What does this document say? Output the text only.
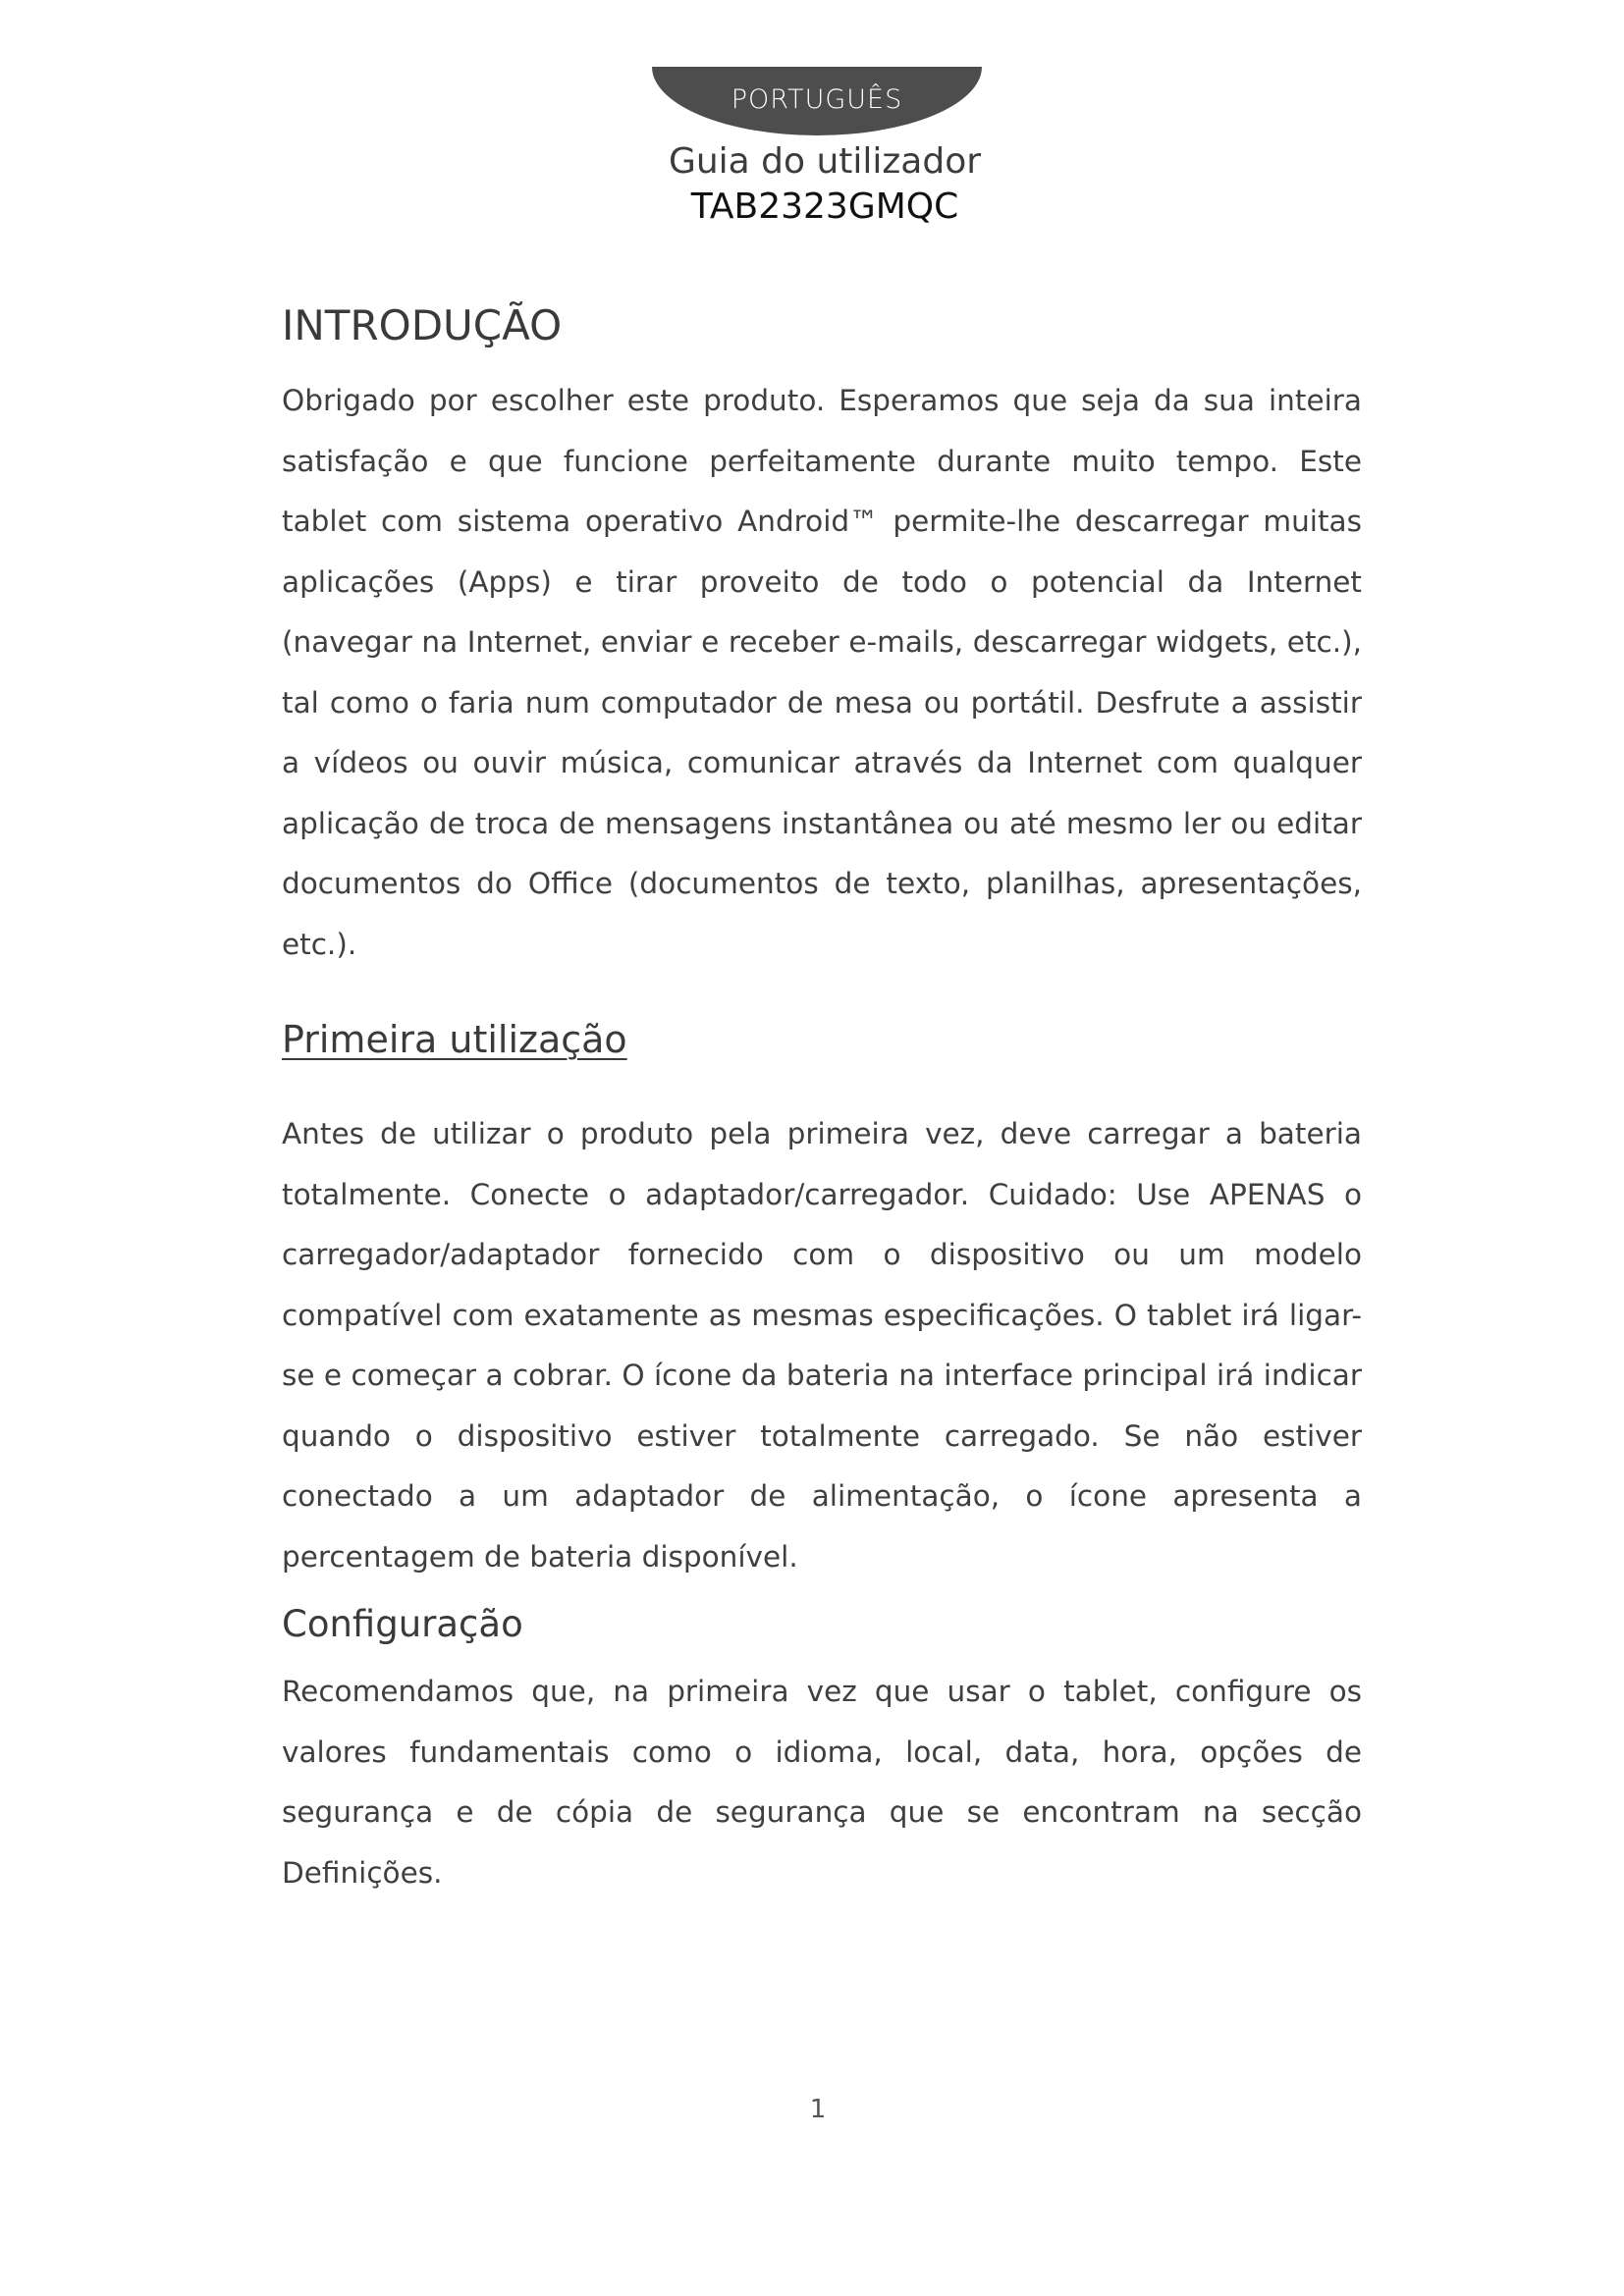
PORTUGUÊS
Guia do utilizador
TAB2323GMQC
INTRODUÇÃO

Obrigado por escolher este produto. Esperamos que seja da sua inteira satisfação e que funcione perfeitamente durante muito tempo. Este tablet com sistema operativo Android™ permite-lhe descarregar muitas aplicações (Apps) e tirar proveito de todo o potencial da Internet (navegar na Internet, enviar e receber e-mails, descarregar widgets, etc.), tal como o faria num computador de mesa ou portátil. Desfrute a assistir a vídeos ou ouvir música, comunicar através da Internet com qualquer aplicação de troca de mensagens instantânea ou até mesmo ler ou editar documentos do Office (documentos de texto, planilhas, apresentações, etc.).

Primeira utilização

Antes de utilizar o produto pela primeira vez, deve carregar a bateria totalmente. Conecte o adaptador/carregador. Cuidado: Use APENAS o carregador/adaptador fornecido com o dispositivo ou um modelo compatível com exatamente as mesmas especificações. O tablet irá ligar-se e começar a cobrar. O ícone da bateria na interface principal irá indicar quando o dispositivo estiver totalmente carregado. Se não estiver conectado a um adaptador de alimentação, o ícone apresenta a percentagem de bateria disponível.

Configuração

Recomendamos que, na primeira vez que usar o tablet, configure os valores fundamentais como o idioma, local, data, hora, opções de segurança e de cópia de segurança que se encontram na secção Definições.

1
